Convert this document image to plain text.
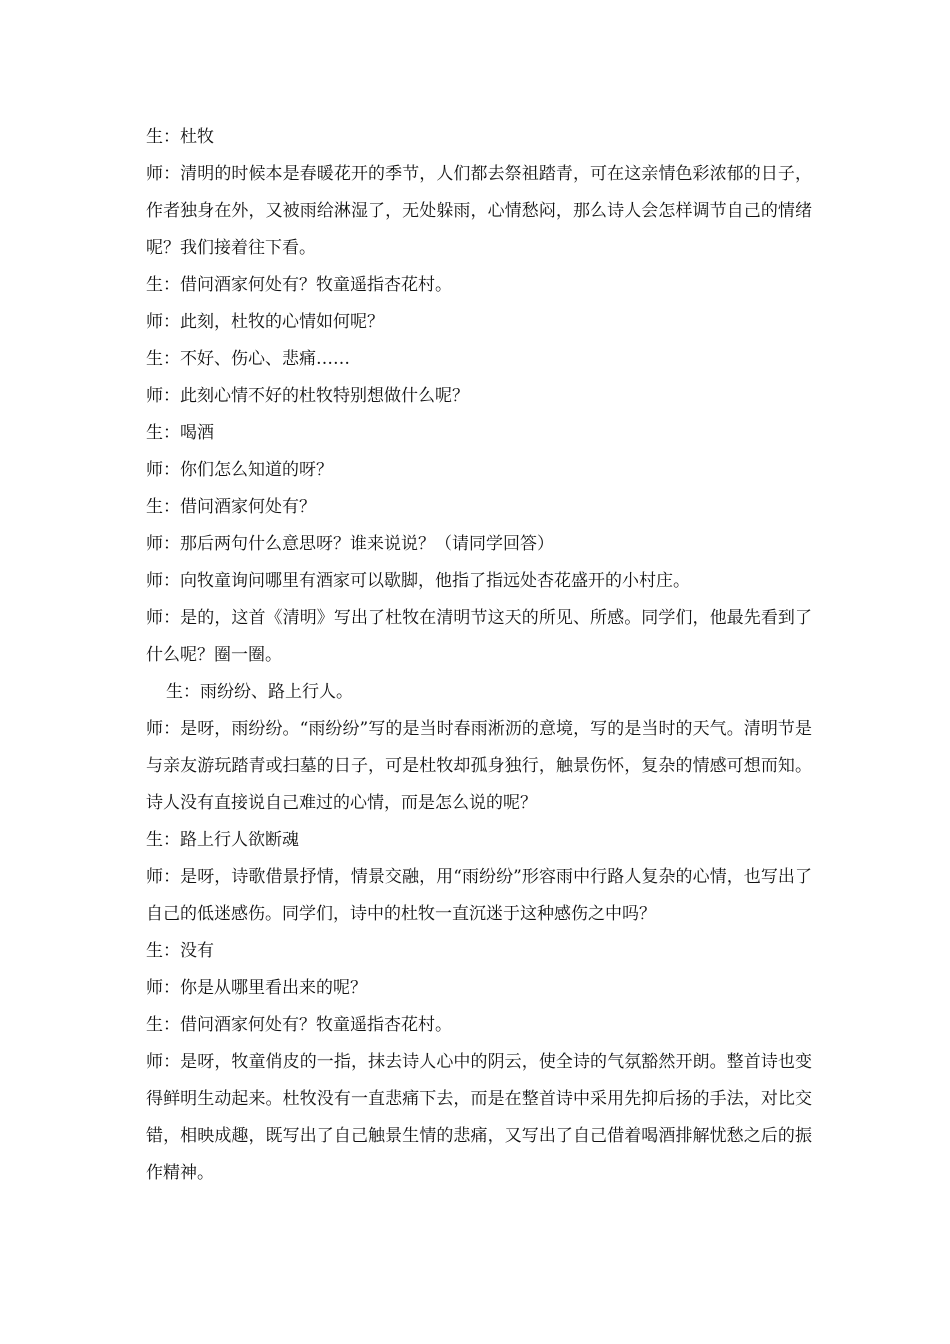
生：杜牧

师：清明的时候本是春暖花开的季节，人们都去祭祖踏青，可在这亲情色彩浓郁的日子，作者独身在外，又被雨给淋湿了，无处躲雨，心情愁闷，那么诗人会怎样调节自己的情绪呢？我们接着往下看。

生：借问酒家何处有？牧童遥指杏花村。

师：此刻，杜牧的心情如何呢？

生：不好、伤心、悲痛……

师：此刻心情不好的杜牧特别想做什么呢？

生：喝酒

师：你们怎么知道的呀？

生：借问酒家何处有？

师：那后两句什么意思呀？谁来说说？（请同学回答）

师：向牧童询问哪里有酒家可以歇脚，他指了指远处杏花盛开的小村庄。

师：是的，这首《清明》写出了杜牧在清明节这天的所见、所感。同学们，他最先看到了什么呢？圈一圈。

生：雨纷纷、路上行人。

师：是呀，雨纷纷。“雨纷纷”写的是当时春雨淅沥的意境，写的是当时的天气。清明节是与亲友游玩踏青或扫墓的日子，可是杜牧却孤身独行，触景伤怀，复杂的情感可想而知。诗人没有直接说自己难过的心情，而是怎么说的呢？

生：路上行人欲断魂

师：是呀，诗歌借景抒情，情景交融，用“雨纷纷”形容雨中行路人复杂的心情，也写出了自己的低迷感伤。同学们，诗中的杜牧一直沉迷于这种感伤之中吗？

生：没有

师：你是从哪里看出来的呢？

生：借问酒家何处有？牧童遥指杏花村。

师：是呀，牧童俏皮的一指，抹去诗人心中的阴云，使全诗的气氛豁然开朗。整首诗也变得鲜明生动起来。杜牧没有一直悲痛下去，而是在整首诗中采用先抑后扬的手法，对比交错，相映成趣，既写出了自己触景生情的悲痛，又写出了自己借着喝酒排解忧愁之后的振作精神。
